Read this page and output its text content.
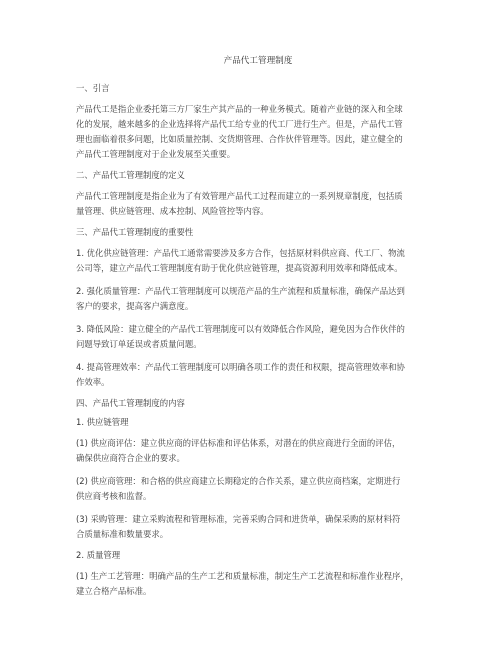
产品代工管理制度
一、引言
产品代工是指企业委托第三方厂家生产其产品的一种业务模式。随着产业链的深入和全球
化的发展，越来越多的企业选择将产品代工给专业的代工厂进行生产。但是，产品代工管
理也面临着很多问题，比如质量控制、交货期管理、合作伙伴管理等。因此，建立健全的
产品代工管理制度对于企业发展至关重要。
二、产品代工管理制度的定义
产品代工管理制度是指企业为了有效管理产品代工过程而建立的一系列规章制度，包括质
量管理、供应链管理、成本控制、风险管控等内容。
三、产品代工管理制度的重要性
1. 优化供应链管理：产品代工通常需要涉及多方合作，包括原材料供应商、代工厂、物流
公司等，建立产品代工管理制度有助于优化供应链管理，提高资源利用效率和降低成本。
2. 强化质量管理：产品代工管理制度可以规范产品的生产流程和质量标准，确保产品达到
客户的要求，提高客户满意度。
3. 降低风险：建立健全的产品代工管理制度可以有效降低合作风险，避免因为合作伙伴的
问题导致订单延误或者质量问题。
4. 提高管理效率：产品代工管理制度可以明确各项工作的责任和权限，提高管理效率和协
作效率。
四、产品代工管理制度的内容
1. 供应链管理
(1) 供应商评估：建立供应商的评估标准和评估体系，对潜在的供应商进行全面的评估，
确保供应商符合企业的要求。
(2) 供应商管理：和合格的供应商建立长期稳定的合作关系，建立供应商档案，定期进行
供应商考核和监督。
(3) 采购管理：建立采购流程和管理标准，完善采购合同和进货单，确保采购的原材料符
合质量标准和数量要求。
2. 质量管理
(1) 生产工艺管理：明确产品的生产工艺和质量标准，制定生产工艺流程和标准作业程序，
建立合格产品标准。
